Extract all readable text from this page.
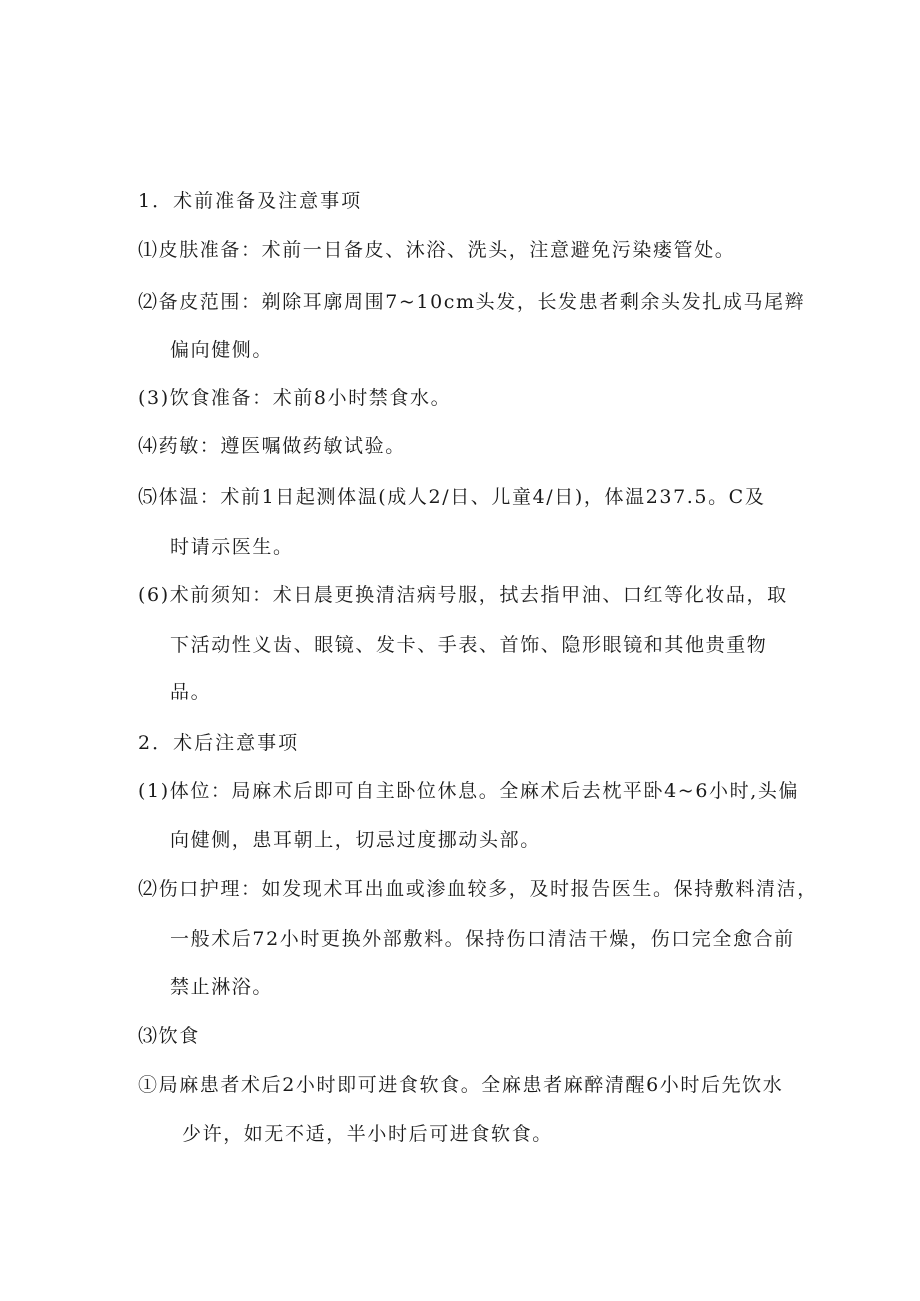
1．术前准备及注意事项
⑴皮肤准备：术前一日备皮、沐浴、洗头，注意避免污染瘘管处。
⑵备皮范围：剃除耳廓周围7~10cm头发，长发患者剩余头发扎成马尾辫
偏向健侧。
(3)饮食准备：术前8小时禁食水。
⑷药敏：遵医嘱做药敏试验。
⑸体温：术前1日起测体温(成人2/日、儿童4/日)，体温237.5。C及
时请示医生。
(6)术前须知：术日晨更换清洁病号服，拭去指甲油、口红等化妆品，取
下活动性义齿、眼镜、发卡、手表、首饰、隐形眼镜和其他贵重物
品。
2．术后注意事项
(1)体位：局麻术后即可自主卧位休息。全麻术后去枕平卧4~6小时,头偏
向健侧，患耳朝上，切忌过度挪动头部。
⑵伤口护理：如发现术耳出血或渗血较多，及时报告医生。保持敷料清洁，
一般术后72小时更换外部敷料。保持伤口清洁干燥，伤口完全愈合前
禁止淋浴。
⑶饮食
①局麻患者术后2小时即可进食软食。全麻患者麻醉清醒6小时后先饮水
少许，如无不适，半小时后可进食软食。
